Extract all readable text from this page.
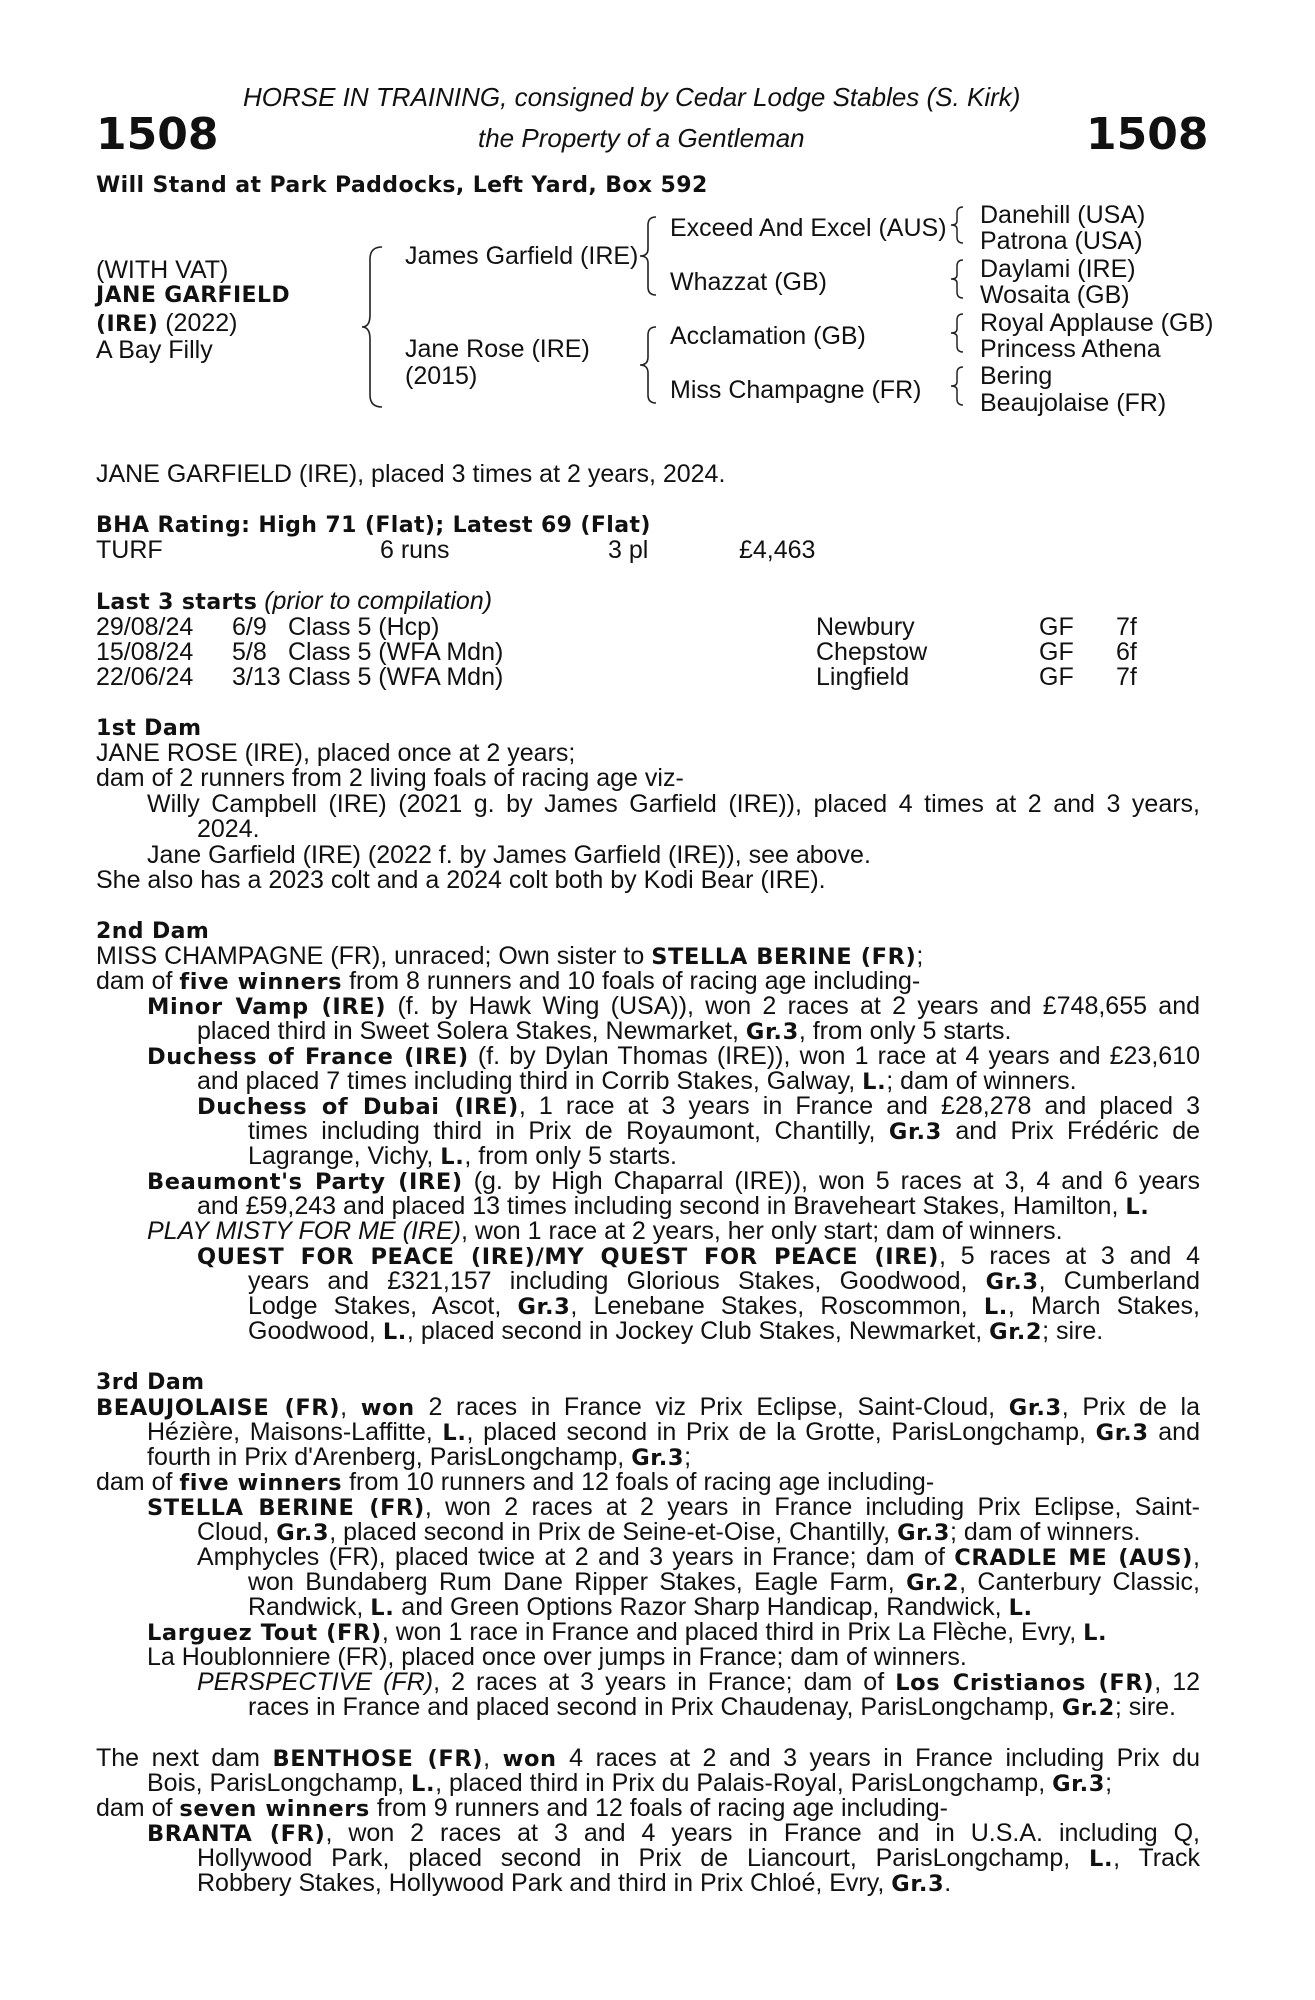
HORSE IN TRAINING, consigned by Cedar Lodge Stables (S. Kirk)
1508	the Property of a Gentleman	1508
Will Stand at Park Paddocks, Left Yard, Box 592
(WITH VAT)
JANE GARFIELD
(IRE) (2022)
A Bay Filly
James Garfield (IRE)
Jane Rose (IRE)
(2015)
Exceed And Excel (AUS)
Whazzat (GB)
Acclamation (GB)
Miss Champagne (FR)
Danehill (USA)
Patrona (USA)
Daylami (IRE)
Wosaita (GB)
Royal Applause (GB)
Princess Athena
Bering
Beaujolaise (FR)
JANE GARFIELD (IRE), placed 3 times at 2 years, 2024.
BHA Rating: High 71 (Flat); Latest 69 (Flat)
TURF	6 runs	3 pl	£4,463
Last 3 starts (prior to compilation)
29/08/24 6/9 Class 5 (Hcp)	Newbury	GF 7f
15/08/24 5/8 Class 5 (WFA Mdn)	Chepstow	GF 6f
22/06/24 3/13 Class 5 (WFA Mdn)	Lingfield	GF 7f
1st Dam
JANE ROSE (IRE), placed once at 2 years;
dam of 2 runners from 2 living foals of racing age viz-
Willy Campbell (IRE) (2021 g. by James Garfield (IRE)), placed 4 times at 2 and 3 years,
2024.
Jane Garfield (IRE) (2022 f. by James Garfield (IRE)), see above.
She also has a 2023 colt and a 2024 colt both by Kodi Bear (IRE).
2nd Dam
MISS CHAMPAGNE (FR), unraced; Own sister to STELLA BERINE (FR);
dam of five winners from 8 runners and 10 foals of racing age including-
Minor Vamp (IRE) (f. by Hawk Wing (USA)), won 2 races at 2 years and £748,655 and
placed third in Sweet Solera Stakes, Newmarket, Gr.3, from only 5 starts.
Duchess of France (IRE) (f. by Dylan Thomas (IRE)), won 1 race at 4 years and £23,610
and placed 7 times including third in Corrib Stakes, Galway, L.; dam of winners.
Duchess of Dubai (IRE), 1 race at 3 years in France and £28,278 and placed 3
times including third in Prix de Royaumont, Chantilly, Gr.3 and Prix Frédéric de
Lagrange, Vichy, L., from only 5 starts.
Beaumont's Party (IRE) (g. by High Chaparral (IRE)), won 5 races at 3, 4 and 6 years
and £59,243 and placed 13 times including second in Braveheart Stakes, Hamilton, L.
PLAY MISTY FOR ME (IRE), won 1 race at 2 years, her only start; dam of winners.
QUEST FOR PEACE (IRE)/MY QUEST FOR PEACE (IRE), 5 races at 3 and 4
years and £321,157 including Glorious Stakes, Goodwood, Gr.3, Cumberland
Lodge Stakes, Ascot, Gr.3, Lenebane Stakes, Roscommon, L., March Stakes,
Goodwood, L., placed second in Jockey Club Stakes, Newmarket, Gr.2; sire.
3rd Dam
BEAUJOLAISE (FR), won 2 races in France viz Prix Eclipse, Saint-Cloud, Gr.3, Prix de la
Hézière, Maisons-Laffitte, L., placed second in Prix de la Grotte, ParisLongchamp, Gr.3 and
fourth in Prix d'Arenberg, ParisLongchamp, Gr.3;
dam of five winners from 10 runners and 12 foals of racing age including-
STELLA BERINE (FR), won 2 races at 2 years in France including Prix Eclipse, Saint-
Cloud, Gr.3, placed second in Prix de Seine-et-Oise, Chantilly, Gr.3; dam of winners.
Amphycles (FR), placed twice at 2 and 3 years in France; dam of CRADLE ME (AUS),
won Bundaberg Rum Dane Ripper Stakes, Eagle Farm, Gr.2, Canterbury Classic,
Randwick, L. and Green Options Razor Sharp Handicap, Randwick, L.
Larguez Tout (FR), won 1 race in France and placed third in Prix La Flèche, Evry, L.
La Houblonniere (FR), placed once over jumps in France; dam of winners.
PERSPECTIVE (FR), 2 races at 3 years in France; dam of Los Cristianos (FR), 12
races in France and placed second in Prix Chaudenay, ParisLongchamp, Gr.2; sire.
The next dam BENTHOSE (FR), won 4 races at 2 and 3 years in France including Prix du
Bois, ParisLongchamp, L., placed third in Prix du Palais-Royal, ParisLongchamp, Gr.3;
dam of seven winners from 9 runners and 12 foals of racing age including-
BRANTA (FR), won 2 races at 3 and 4 years in France and in U.S.A. including Q,
Hollywood Park, placed second in Prix de Liancourt, ParisLongchamp, L., Track
Robbery Stakes, Hollywood Park and third in Prix Chloé, Evry, Gr.3.
